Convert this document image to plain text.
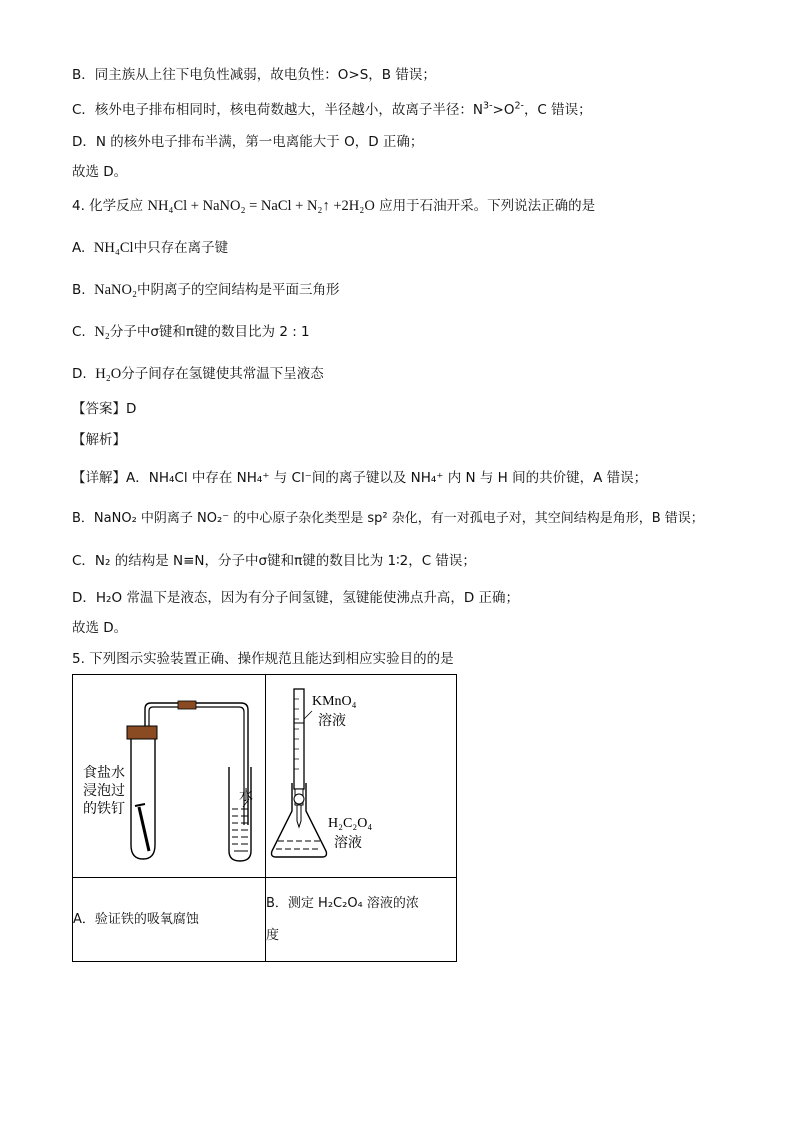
B．同主族从上往下电负性减弱，故电负性：O>S，B 错误；
C．核外电子排布相同时，核电荷数越大，半径越小，故离子半径：$N^{3-}>O^{2-}$，C 错误；
D．N 的核外电子排布半满，第一电离能大于 O，D 正确；
故选 D。
4. 化学反应 NH₄Cl + NaNO₂ = NaCl + N₂↑ +2H₂O 应用于石油开采。下列说法正确的是
A.  NH₄Cl中只存在离子键
B.  NaNO₂中阴离子的空间结构是平面三角形
C.  N₂分子中σ键和π键的数目比为 2 : 1
D.  H₂O分子间存在氢键使其常温下呈液态
【答案】D
【解析】
【详解】A．NH₄Cl 中存在 NH₄⁺ 与 Cl⁻间的离子键以及 NH₄⁺ 内 N 与 H 间的共价键，A 错误；
B．NaNO₂ 中阴离子 NO₂⁻ 的中心原子杂化类型是 sp² 杂化，有一对孤电子对，其空间结构是角形，B 错误；
C．N₂ 的结构是 N≡N，分子中σ键和π键的数目比为 1∶2，C 错误；
D．H₂O 常温下是液态，因为有分子间氢键，氢键能使沸点升高，D 正确；
故选 D。
5. 下列图示实验装置正确、操作规范且能达到相应实验目的的是
水
食盐水
浸泡过
的铁钉	KMnO₄
溶液
H₂C₂O₄
溶液

A．验证铁的吸氧腐蚀	B．测定 H₂C₂O₄ 溶液的浓
度
